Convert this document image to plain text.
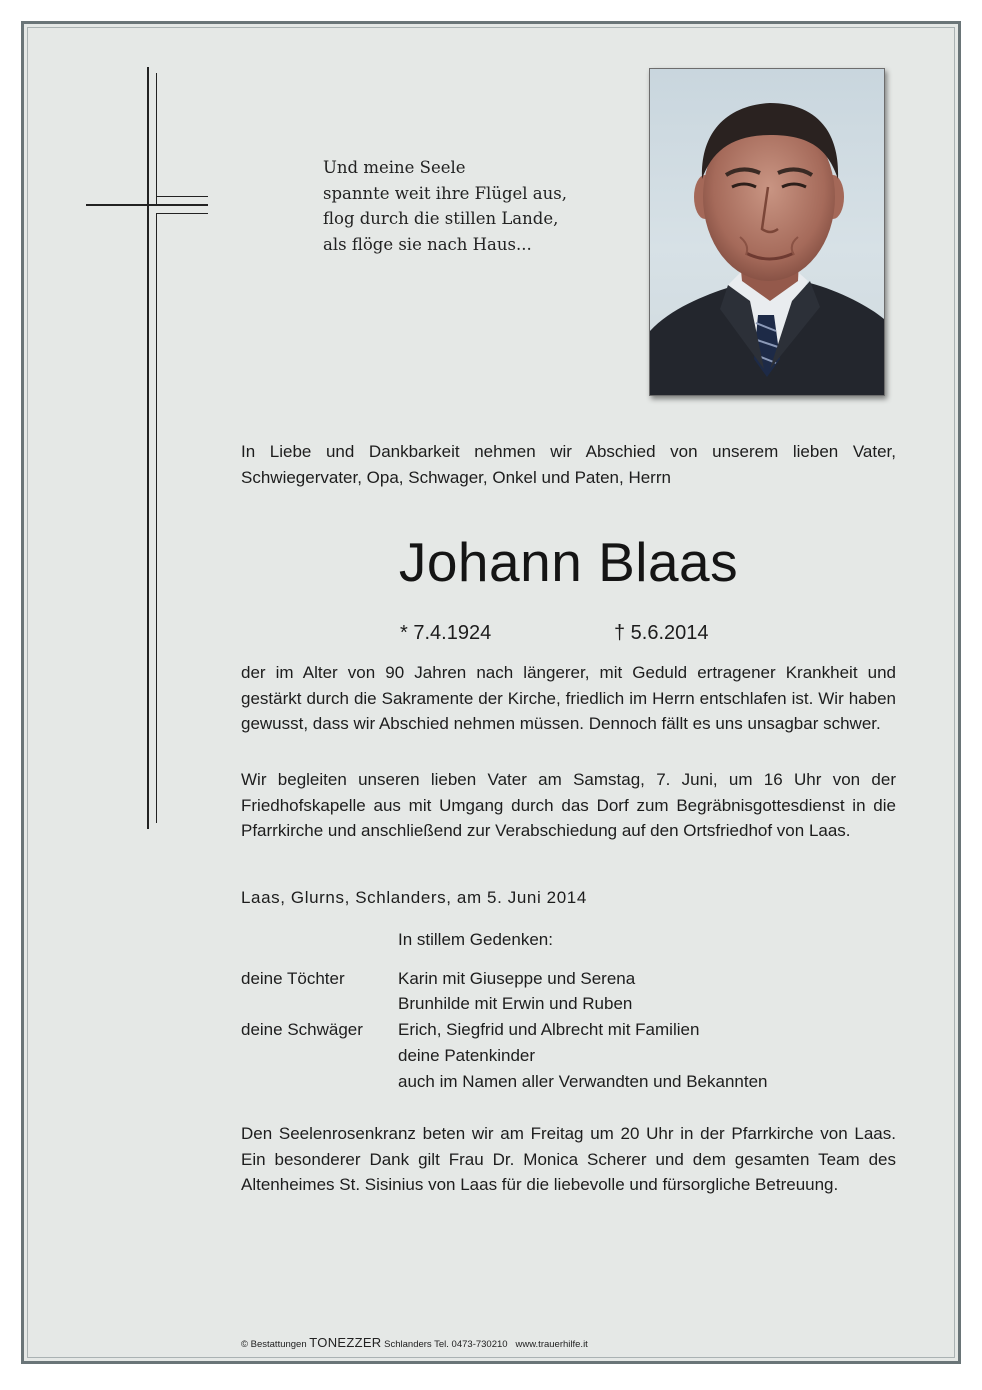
Und meine Seele
spannte weit ihre Flügel aus,
flog durch die stillen Lande,
als flöge sie nach Haus...
In Liebe und Dankbarkeit nehmen wir Abschied von unserem lieben Vater, Schwiegervater, Opa, Schwager, Onkel und Paten, Herrn
Johann Blaas
* 7.4.1924	† 5.6.2014
der im Alter von 90 Jahren nach längerer, mit Geduld ertragener Krankheit und gestärkt durch die Sakramente der Kirche, friedlich im Herrn entschlafen ist. Wir haben gewusst, dass wir Abschied nehmen müssen. Dennoch fällt es uns unsagbar schwer.
Wir begleiten unseren lieben Vater am Samstag, 7. Juni, um 16 Uhr von der Friedhofskapelle aus mit Umgang durch das Dorf zum Begräbnisgottesdienst in die Pfarrkirche und anschließend zur Verabschiedung auf den Ortsfriedhof von Laas.
Laas, Glurns, Schlanders, am 5. Juni 2014
In stillem Gedenken:
deine Töchter	Karin mit Giuseppe und Serena
Brunhilde mit Erwin und Ruben
deine Schwäger Erich, Siegfrid und Albrecht mit Familien
deine Patenkinder
auch im Namen aller Verwandten und Bekannten
Den Seelenrosenkranz beten wir am Freitag um 20 Uhr in der Pfarrkirche von Laas. Ein besonderer Dank gilt Frau Dr. Monica Scherer und dem gesamten Team des Altenheimes St. Sisinius von Laas für die liebevolle und fürsorgliche Betreuung.
© Bestattungen TONEZZER Schlanders Tel. 0473-730210 www.trauerhilfe.it
